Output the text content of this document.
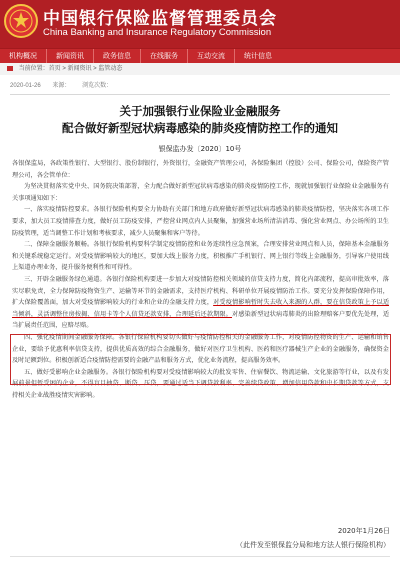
中国银行保险监督管理委员会
China Banking and Insurance Regulatory Commission
机构概况	新闻资讯	政务信息	在线服务	互动交流	统计信息
当前位置：首页 > 新闻资讯 > 监管动态
2020-01-26 来源： 浏览次数：
关于加强银行业保险业金融服务
配合做好新型冠状病毒感染的肺炎疫情防控工作的通知
银保监办发〔2020〕10号

各银保监局，各政策性银行、大型银行、股份制银行，外资银行，金融资产管理公司，各保险集团（控股）公司、保险公司，保险资产管理公司，各会管单位：

为坚决贯彻落实党中央、国务院决策部署，全力配合做好新型冠状病毒感染的肺炎疫情防控工作，现就加强银行业保险业金融服务有关事项通知如下：

一、落实疫情防控要求。各银行保险机构要全力协助有关部门和地方政府做好新型冠状病毒感染的肺炎疫情防控，坚决落实各项工作要求，加大员工疫情排查力度，做好员工防疫安排，严控营业网点内人员聚集，加强营业场所清洁消毒、强化营业网点、办公场所的卫生防疫管理，适当调整工作计划和考核要求，减少人员聚集和客户等待。

二、保障金融服务顺畅。各银行保险机构要科学制定疫情防控和业务连续性应急预案，合理安排营业网点和人员，保障基本金融服务和关键系统稳定运行。对受疫情影响较大的地区，要加大线上服务力度，积极推广手机银行、网上银行等线上金融服务，引导客户使用线上渠道办理业务，提升服务便利性和可得性。

三、开辟金融服务绿色通道。各银行保险机构要进一步加大对疫情防控相关领域的信贷支持力度，简化内部流程，提高审批效率，落实尽职免责，全力保障防疫物资生产、运输等环节的金融需求，支持医疗机构、科研单位开展疫情防治工作。要充分发挥保险保障作用，扩大保险覆盖面，加大对受疫情影响较大的行业和企业的金融支持力度，对受疫情影响暂时失去收入来源的人群，要在信贷政策上予以适当倾斜，灵活调整住房按揭、信用卡等个人信贷还款安排，合理延后还款期限。对感染新型冠状病毒肺炎的出险理赔客户要优先处理，适当扩展责任范围，应赔尽赔。

四、强化疫情期间金融服务保障。各银行保险机构要切实做好与疫情防控相关的金融服务工作，对疫情防控物资的生产、运输和销售企业，要给予优惠利率信贷支持，提供优质高效的综合金融服务，做好对医疗卫生机构、医药和医疗器械生产企业的金融服务，确保资金及时足额到位。积极创新适合疫情防控需要的金融产品和服务方式，优化业务流程，提高服务效率。

五、做好受影响企业金融服务。各银行保险机构要对受疫情影响较大的批发零售、住宿餐饮、物流运输、文化旅游等行业，以及有发展前景但暂受困的企业，不得盲目抽贷、断贷、压贷，要通过适当下调贷款利率、完善续贷政策、增加信用贷款和中长期贷款等方式，支持相关企业战胜疫情灾害影响。

2020年1月26日
（此件发至银保监分局和地方法人银行保险机构）
